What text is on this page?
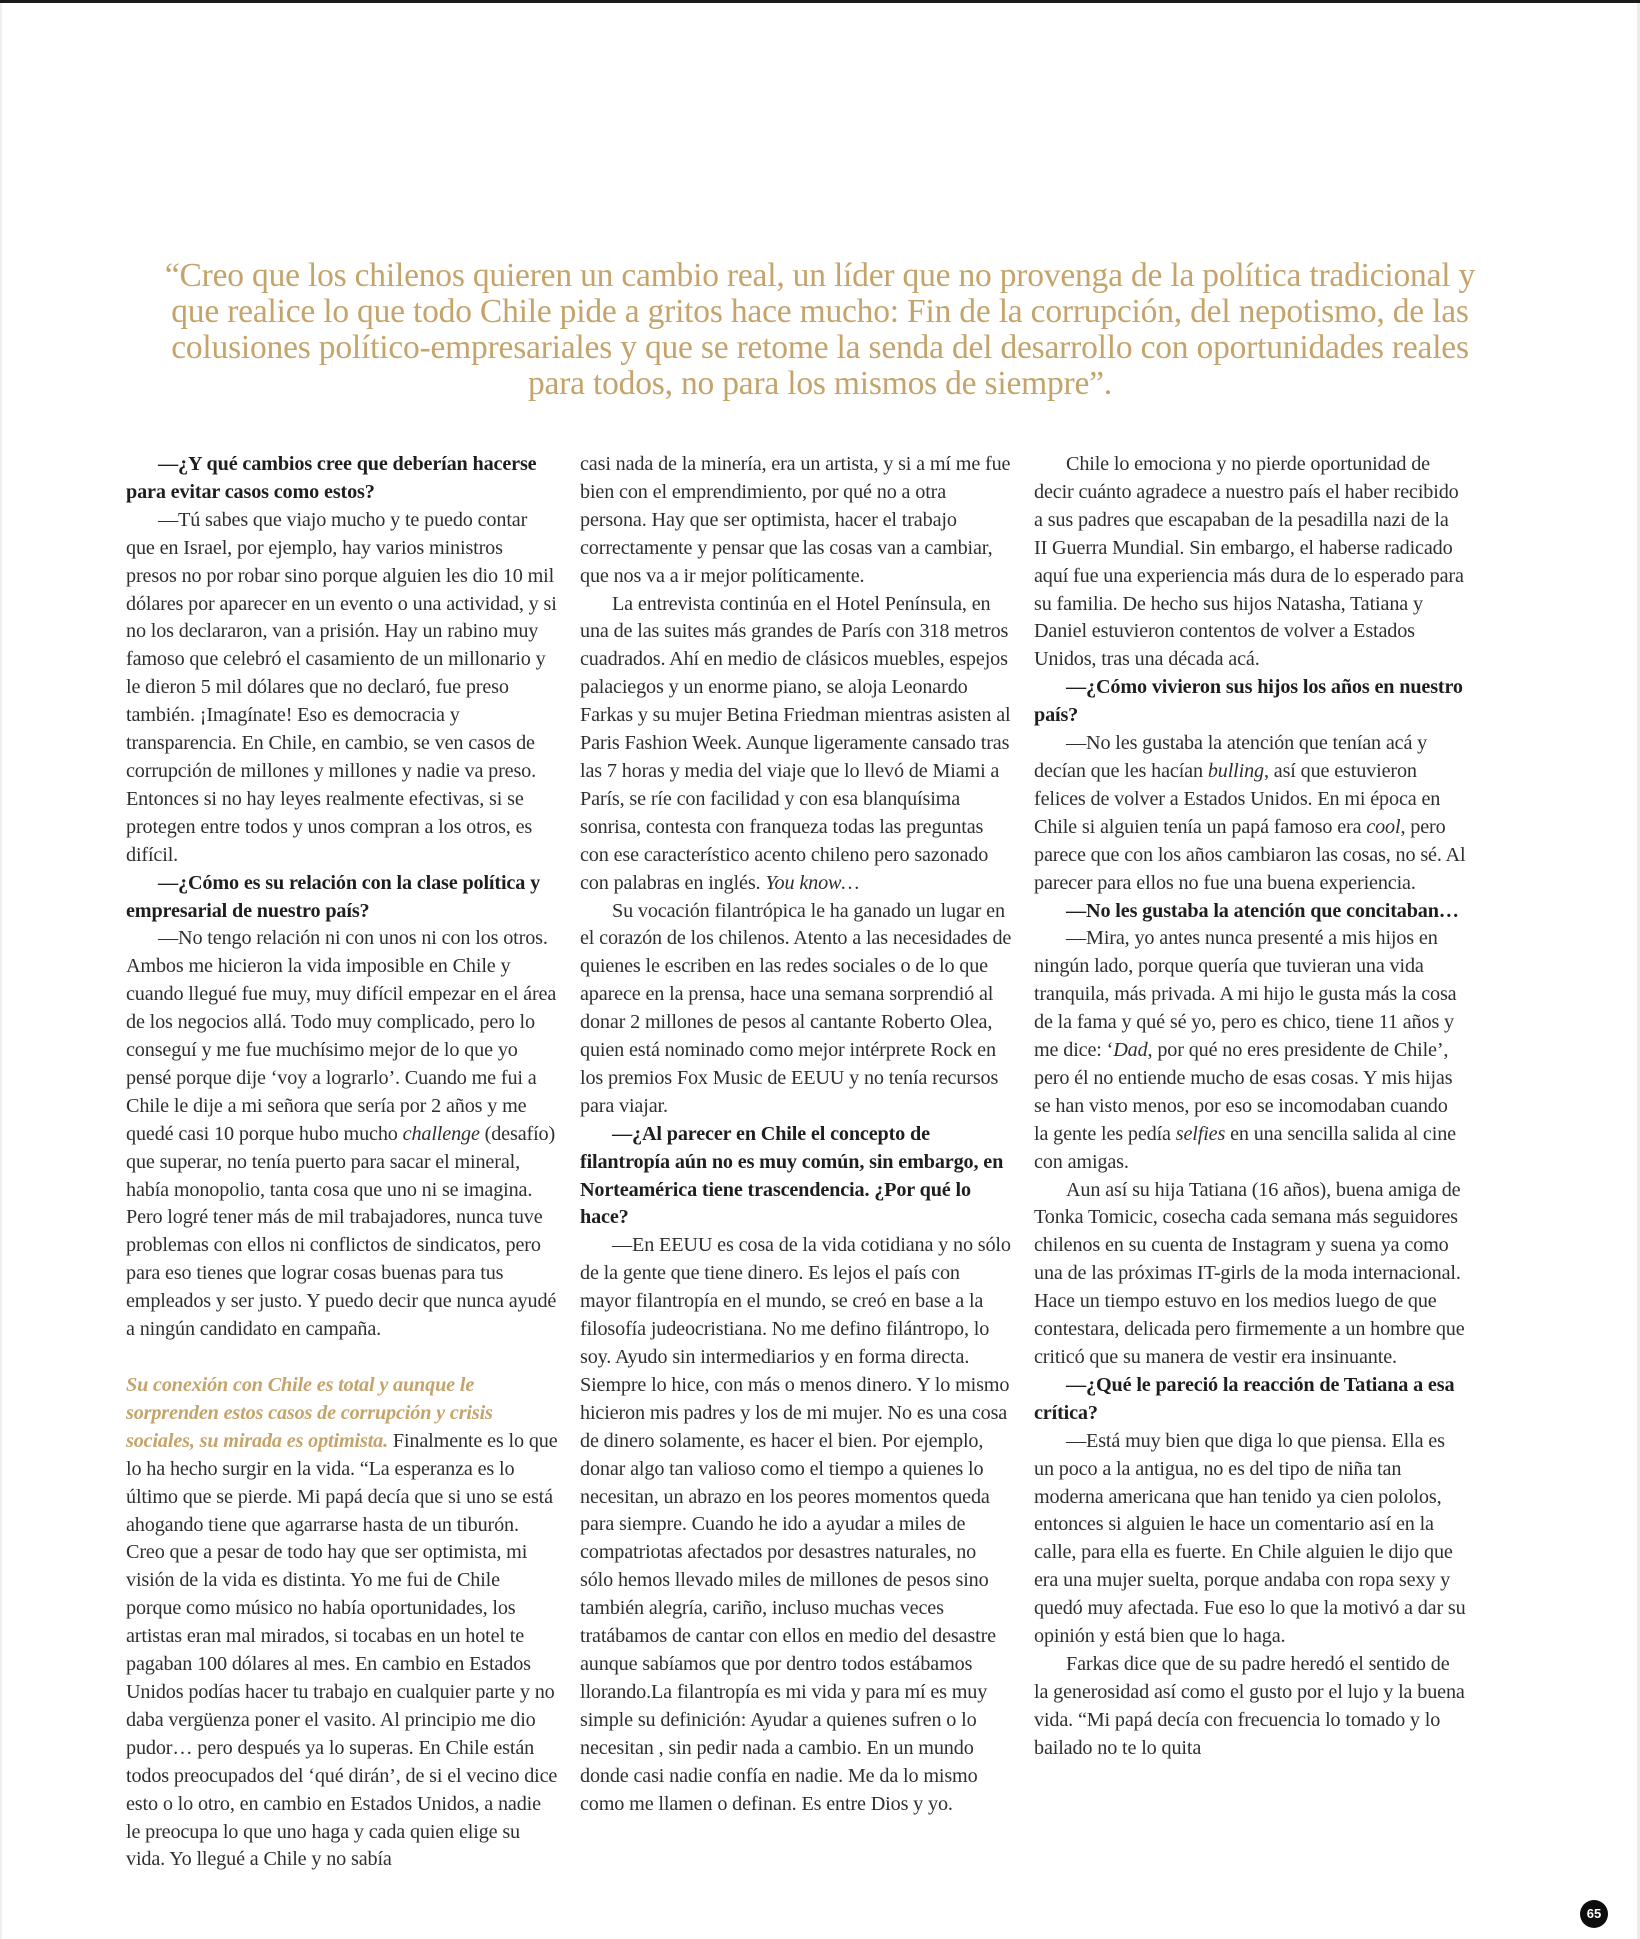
“Creo que los chilenos quieren un cambio real, un líder que no provenga de la política tradicional y que realice lo que todo Chile pide a gritos hace mucho: Fin de la corrupción, del nepotismo, de las colusiones político-empresariales y que se retome la senda del desarrollo con oportunidades reales para todos, no para los mismos de siempre”.

—¿Y qué cambios cree que deberían hacerse para evitar casos como estos?

—Tú sabes que viajo mucho y te puedo contar que en Israel, por ejemplo, hay varios ministros presos no por robar sino porque alguien les dio 10 mil dólares por aparecer en un evento o una actividad, y si no los declararon, van a prisión. Hay un rabino muy famoso que celebró el casamiento de un millonario y le dieron 5 mil dólares que no declaró, fue preso también. ¡Imagínate! Eso es democracia y transparencia. En Chile, en cambio, se ven casos de corrupción de millones y millones y nadie va preso. Entonces si no hay leyes realmente efectivas, si se protegen entre todos y unos compran a los otros, es difícil.

—¿Cómo es su relación con la clase política y empresarial de nuestro país?

—No tengo relación ni con unos ni con los otros. Ambos me hicieron la vida imposible en Chile y cuando llegué fue muy, muy difícil empezar en el área de los negocios allá. Todo muy complicado, pero lo conseguí y me fue muchísimo mejor de lo que yo pensé porque dije ‘voy a lograrlo’. Cuando me fui a Chile le dije a mi señora que sería por 2 años y me quedé casi 10 porque hubo mucho challenge (desafío) que superar, no tenía puerto para sacar el mineral, había monopolio, tanta cosa que uno ni se imagina. Pero logré tener más de mil trabajadores, nunca tuve problemas con ellos ni conflictos de sindicatos, pero para eso tienes que lograr cosas buenas para tus empleados y ser justo. Y puedo decir que nunca ayudé a ningún candidato en campaña.

Su conexión con Chile es total y aunque le sorprenden estos casos de corrupción y crisis sociales, su mirada es optimista. Finalmente es lo que lo ha hecho surgir en la vida. “La esperanza es lo último que se pierde. Mi papá decía que si uno se está ahogando tiene que agarrarse hasta de un tiburón. Creo que a pesar de todo hay que ser optimista, mi visión de la vida es distinta. Yo me fui de Chile porque como músico no había oportunidades, los artistas eran mal mirados, si tocabas en un hotel te pagaban 100 dólares al mes. En cambio en Estados Unidos podías hacer tu trabajo en cualquier parte y no daba vergüenza poner el vasito. Al principio me dio pudor… pero después ya lo superas. En Chile están todos preocupados del ‘qué dirán’, de si el vecino dice esto o lo otro, en cambio en Estados Unidos, a nadie le preocupa lo que uno haga y cada quien elige su vida. Yo llegué a Chile y no sabía

casi nada de la minería, era un artista, y si a mí me fue bien con el emprendimiento, por qué no a otra persona. Hay que ser optimista, hacer el trabajo correctamente y pensar que las cosas van a cambiar, que nos va a ir mejor políticamente.

La entrevista continúa en el Hotel Península, en una de las suites más grandes de París con 318 metros cuadrados. Ahí en medio de clásicos muebles, espejos palaciegos y un enorme piano, se aloja Leonardo Farkas y su mujer Betina Friedman mientras asisten al Paris Fashion Week. Aunque ligeramente cansado tras las 7 horas y media del viaje que lo llevó de Miami a París, se ríe con facilidad y con esa blanquísima sonrisa, contesta con franqueza todas las preguntas con ese característico acento chileno pero sazonado con palabras en inglés. You know…

Su vocación filantrópica le ha ganado un lugar en el corazón de los chilenos. Atento a las necesidades de quienes le escriben en las redes sociales o de lo que aparece en la prensa, hace una semana sorprendió al donar 2 millones de pesos al cantante Roberto Olea, quien está nominado como mejor intérprete Rock en los premios Fox Music de EEUU y no tenía recursos para viajar.

—¿Al parecer en Chile el concepto de filantropía aún no es muy común, sin embargo, en Norteamérica tiene trascendencia. ¿Por qué lo hace?

—En EEUU es cosa de la vida cotidiana y no sólo de la gente que tiene dinero. Es lejos el país con mayor filantropía en el mundo, se creó en base a la filosofía judeocristiana. No me defino filántropo, lo soy. Ayudo sin intermediarios y en forma directa. Siempre lo hice, con más o menos dinero. Y lo mismo hicieron mis padres y los de mi mujer. No es una cosa de dinero solamente, es hacer el bien. Por ejemplo, donar algo tan valioso como el tiempo a quienes lo necesitan, un abrazo en los peores momentos queda para siempre. Cuando he ido a ayudar a miles de compatriotas afectados por desastres naturales, no sólo hemos llevado miles de millones de pesos sino también alegría, cariño, incluso muchas veces tratábamos de cantar con ellos en medio del desastre aunque sabíamos que por dentro todos estábamos llorando.La filantropía es mi vida y para mí es muy simple su definición: Ayudar a quienes sufren o lo necesitan , sin pedir nada a cambio. En un mundo donde casi nadie confía en nadie. Me da lo mismo como me llamen o definan. Es entre Dios y yo.

Chile lo emociona y no pierde oportunidad de decir cuánto agradece a nuestro país el haber recibido a sus padres que escapaban de la pesadilla nazi de la II Guerra Mundial. Sin embargo, el haberse radicado aquí fue una experiencia más dura de lo esperado para su familia. De hecho sus hijos Natasha, Tatiana y Daniel estuvieron contentos de volver a Estados Unidos, tras una década acá.

—¿Cómo vivieron sus hijos los años en nuestro país?

—No les gustaba la atención que tenían acá y decían que les hacían bulling, así que estuvieron felices de volver a Estados Unidos. En mi época en Chile si alguien tenía un papá famoso era cool, pero parece que con los años cambiaron las cosas, no sé. Al parecer para ellos no fue una buena experiencia.

—No les gustaba la atención que concitaban…

—Mira, yo antes nunca presenté a mis hijos en ningún lado, porque quería que tuvieran una vida tranquila, más privada. A mi hijo le gusta más la cosa de la fama y qué sé yo, pero es chico, tiene 11 años y me dice: ‘Dad, por qué no eres presidente de Chile’, pero él no entiende mucho de esas cosas. Y mis hijas se han visto menos, por eso se incomodaban cuando la gente les pedía selfies en una sencilla salida al cine con amigas.

Aun así su hija Tatiana (16 años), buena amiga de Tonka Tomicic, cosecha cada semana más seguidores chilenos en su cuenta de Instagram y suena ya como una de las próximas IT-girls de la moda internacional. Hace un tiempo estuvo en los medios luego de que contestara, delicada pero firmemente a un hombre que criticó que su manera de vestir era insinuante.

—¿Qué le pareció la reacción de Tatiana a esa crítica?

—Está muy bien que diga lo que piensa. Ella es un poco a la antigua, no es del tipo de niña tan moderna americana que han tenido ya cien pololos, entonces si alguien le hace un comentario así en la calle, para ella es fuerte. En Chile alguien le dijo que era una mujer suelta, porque andaba con ropa sexy y quedó muy afectada. Fue eso lo que la motivó a dar su opinión y está bien que lo haga.

Farkas dice que de su padre heredó el sentido de la generosidad así como el gusto por el lujo y la buena vida. “Mi papá decía con frecuencia lo tomado y lo bailado no te lo quita

65
